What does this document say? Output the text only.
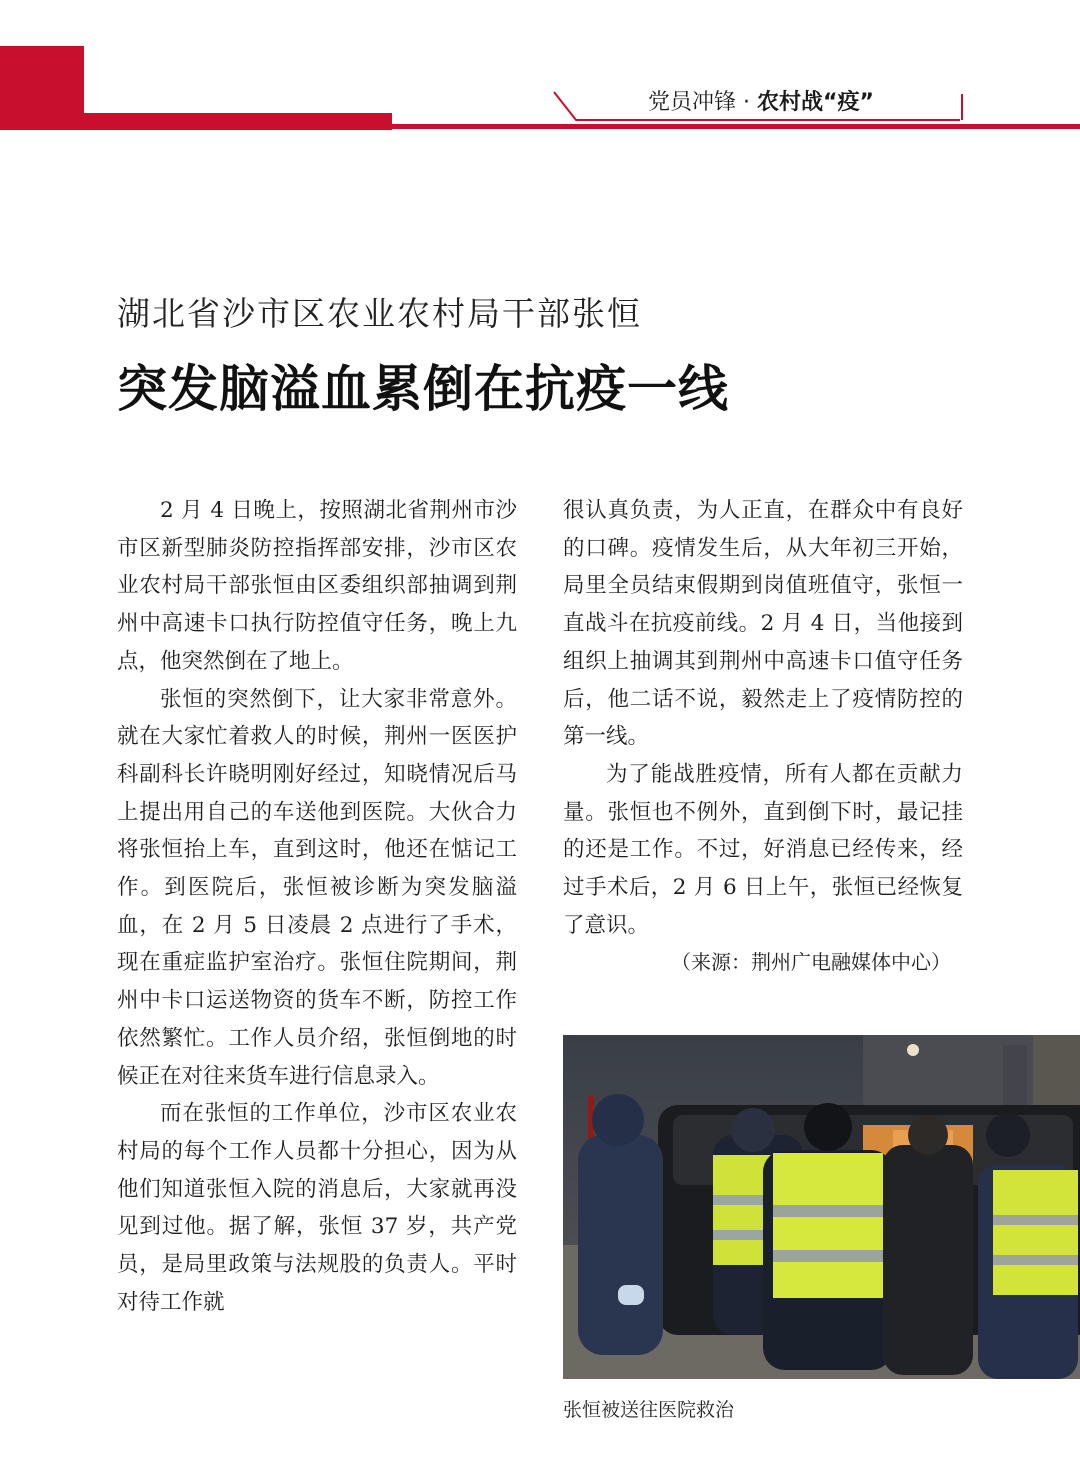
党员冲锋 · 农村战“疫”
湖北省沙市区农业农村局干部张恒
突发脑溢血累倒在抗疫一线

2 月 4 日晚上，按照湖北省荆州市沙市区新型肺炎防控指挥部安排，沙市区农业农村局干部张恒由区委组织部抽调到荆州中高速卡口执行防控值守任务，晚上九点，他突然倒在了地上。

张恒的突然倒下，让大家非常意外。就在大家忙着救人的时候，荆州一医医护科副科长许晓明刚好经过，知晓情况后马上提出用自己的车送他到医院。大伙合力将张恒抬上车，直到这时，他还在惦记工作。到医院后，张恒被诊断为突发脑溢血，在 2 月 5 日凌晨 2 点进行了手术，现在重症监护室治疗。张恒住院期间，荆州中卡口运送物资的货车不断，防控工作依然繁忙。工作人员介绍，张恒倒地的时候正在对往来货车进行信息录入。

而在张恒的工作单位，沙市区农业农村局的每个工作人员都十分担心，因为从他们知道张恒入院的消息后，大家就再没见到过他。据了解，张恒 37 岁，共产党员，是局里政策与法规股的负责人。平时对待工作就

很认真负责，为人正直，在群众中有良好的口碑。疫情发生后，从大年初三开始，局里全员结束假期到岗值班值守，张恒一直战斗在抗疫前线。2 月 4 日，当他接到组织上抽调其到荆州中高速卡口值守任务后，他二话不说，毅然走上了疫情防控的第一线。

为了能战胜疫情，所有人都在贡献力量。张恒也不例外，直到倒下时，最记挂的还是工作。不过，好消息已经传来，经过手术后，2 月 6 日上午，张恒已经恢复了意识。

（来源：荆州广电融媒体中心）

张恒被送往医院救治
